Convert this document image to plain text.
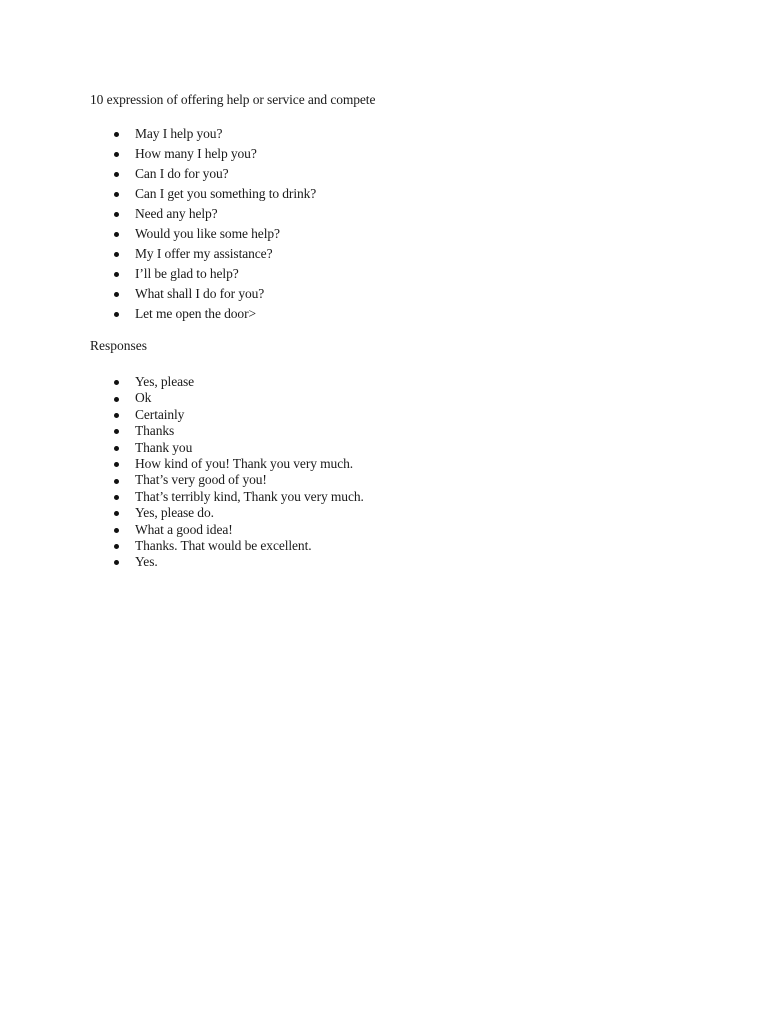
10 expression of offering help or service and compete
May I help you?
How many I help you?
Can I do for you?
Can I get you something to drink?
Need any help?
Would you like some help?
My I offer my assistance?
I’ll be glad to help?
What shall I do for you?
Let me open the door>
Responses
Yes, please
Ok
Certainly
Thanks
Thank you
How kind of you! Thank you very much.
That’s very good of you!
That’s terribly kind, Thank you very much.
Yes, please do.
What a good idea!
Thanks. That would be excellent.
Yes.
